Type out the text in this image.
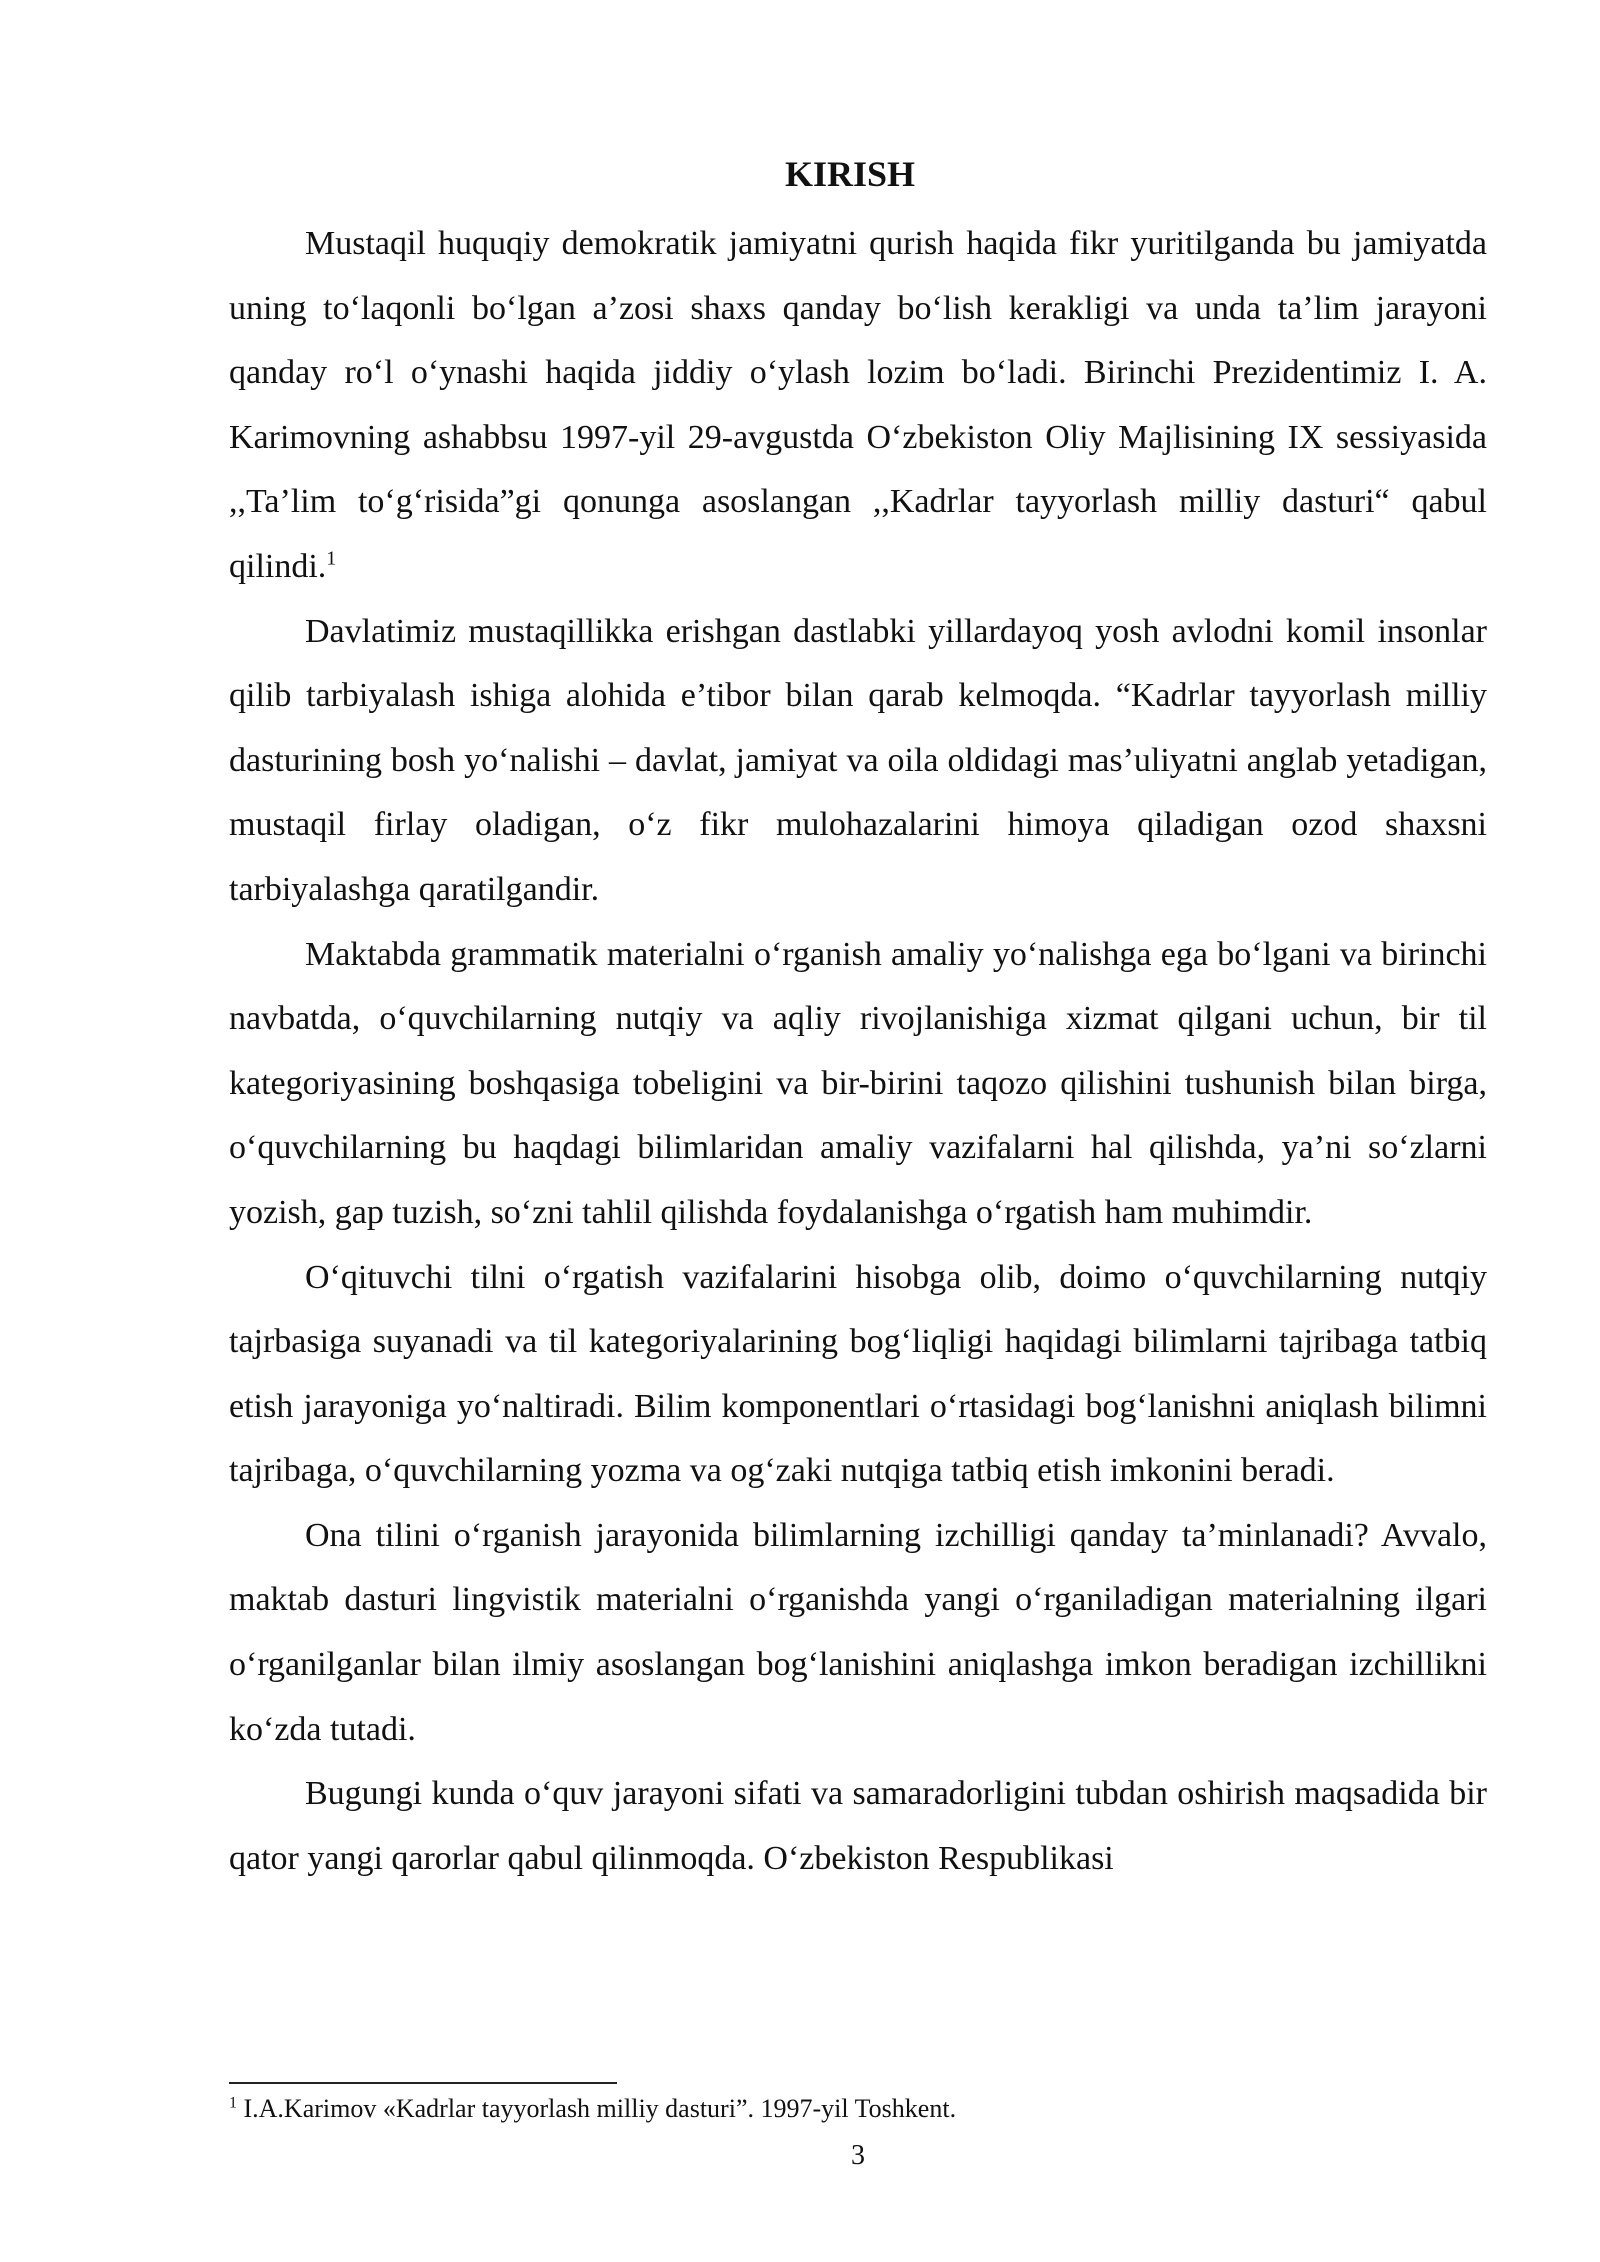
KIRISH

Mustaqil huquqiy demokratik jamiyatni qurish haqida fikr yuritilganda bu jamiyatda uning to‘laqonli bo‘lgan a’zosi shaxs qanday bo‘lish kerakligi va unda ta’lim jarayoni qanday ro‘l o‘ynashi haqida jiddiy o‘ylash lozim bo‘ladi. Birinchi Prezidentimiz I. A. Karimovning ashabbsu 1997-yil 29-avgustda O‘zbekiston Oliy Majlisining IX sessiyasida ,,Ta’lim to‘g‘risida”gi qonunga asoslangan ,,Kadrlar tayyorlash milliy dasturi“ qabul qilindi.$^1$

Davlatimiz mustaqillikka erishgan dastlabki yillardayoq yosh avlodni komil insonlar qilib tarbiyalash ishiga alohida e’tibor bilan qarab kelmoqda. “Kadrlar tayyorlash milliy dasturining bosh yo‘nalishi – davlat, jamiyat va oila oldidagi mas’uliyatni anglab yetadigan, mustaqil firlay oladigan, o‘z fikr mulohazalarini himoya qiladigan ozod shaxsni tarbiyalashga qaratilgandir.

Maktabda grammatik materialni o‘rganish amaliy yo‘nalishga ega bo‘lgani va birinchi navbatda, o‘quvchilarning nutqiy va aqliy rivojlanishiga xizmat qilgani uchun, bir til kategoriyasining boshqasiga tobeligini va bir-birini taqozo qilishini tushunish bilan birga, o‘quvchilarning bu haqdagi bilimlaridan amaliy vazifalarni hal qilishda, ya’ni so‘zlarni yozish, gap tuzish, so‘zni tahlil qilishda foydalanishga o‘rgatish ham muhimdir.

O‘qituvchi tilni o‘rgatish vazifalarini hisobga olib, doimo o‘quvchilarning nutqiy tajrbasiga suyanadi va til kategoriyalarining bog‘liqligi haqidagi bilimlarni tajribaga tatbiq etish jarayoniga yo‘naltiradi. Bilim komponentlari o‘rtasidagi bog‘lanishni aniqlash bilimni tajribaga, o‘quvchilarning yozma va og‘zaki nutqiga tatbiq etish imkonini beradi.

Ona tilini o‘rganish jarayonida bilimlarning izchilligi qanday ta’minlanadi? Avvalo, maktab dasturi lingvistik materialni o‘rganishda yangi o‘rganiladigan materialning ilgari o‘rganilganlar bilan ilmiy asoslangan bog‘lanishini aniqlashga imkon beradigan izchillikni ko‘zda tutadi.

Bugungi kunda o‘quv jarayoni sifati va samaradorligini tubdan oshirish maqsadida bir qator yangi qarorlar qabul qilinmoqda. O‘zbekiston Respublikasi

$^1$ I.A.Karimov «Kadrlar tayyorlash milliy dasturi”. 1997-yil Toshkent.

3
